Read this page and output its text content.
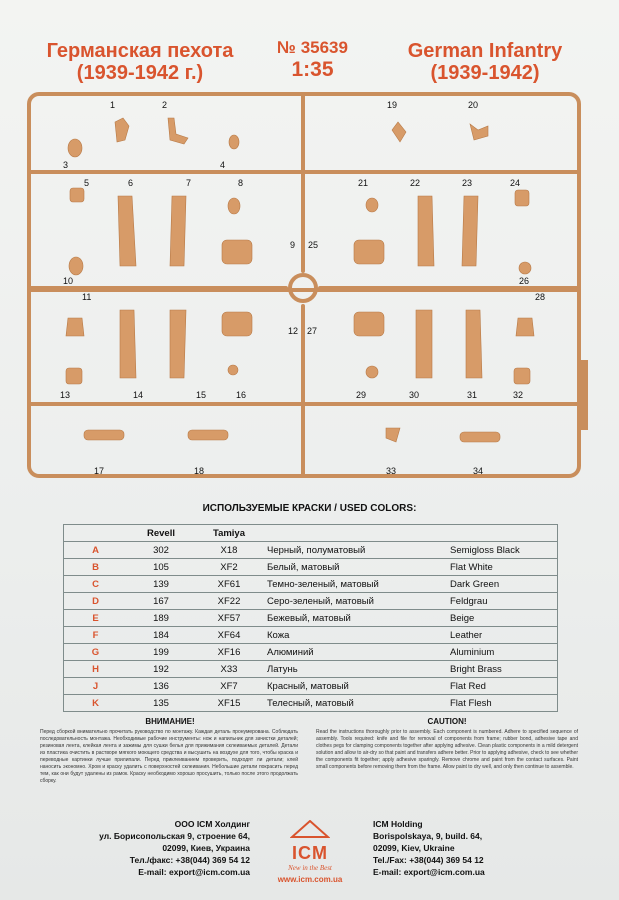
Германская пехота
(1939-1942 г.)
№ 35639
1:35
German Infantry
(1939-1942)
1	2
3	4
5	6	7	8
9
10
11
12
13	14	15	16
17	18
19	20
21	22	23	24
25
26
27
28
29	30	31	32
33	34
ИСПОЛЬЗУЕМЫЕ КРАСКИ / USED COLORS:
	Revell	Tamiya		
A	302	X18	Черный, полуматовый	Semigloss Black
B	105	XF2	Белый, матовый	Flat White
C	139	XF61	Темно-зеленый, матовый	Dark Green
D	167	XF22	Серо-зеленый, матовый	Feldgrau
E	189	XF57	Бежевый, матовый	Beige
F	184	XF64	Кожа	Leather
G	199	XF16	Алюминий	Aluminium
H	192	X33	Латунь	Bright Brass
J	136	XF7	Красный, матовый	Flat Red
K	135	XF15	Телесный, матовый	Flat Flesh
ВНИМАНИЕ!
Перед сборкой внимательно прочитать руководство по монтажу. Каждая деталь пронумерована. Соблюдать последовательность монтажа. Необходимые рабочие инструменты: нож и напильник для зачистки деталей; резиновая лента, клейкая лента и зажимы для сушки белья для прижимания склеиваемых деталей. Детали из пластика очистить в растворе мягкого моющего средства и высушить на воздухе для того, чтобы краска и переводные картинки лучше прилипали. Перед приклеиванием проверить, подходят ли детали; клей наносить экономно. Хром и краску удалить с поверхностей склеивания. Небольшие детали покрасить перед тем, как они будут удалены из рамок. Краску необходимо хорошо просушить, только после этого продолжать сборку.
CAUTION!
Read the instructions thoroughly prior to assembly. Each component is numbered. Adhere to specified sequence of assembly. Tools required: knife and file for removal of components from frame; rubber bond, adhesive tape and clothes pegs for clamping components together after applying adhesive. Clean plastic components in a mild detergent solution and allow to air-dry so that paint and transfers adhere better. Prior to applying adhesive, check to see whether the components fit together; apply adhesive sparingly. Remove chrome and paint from the contact surfaces. Paint small components before removing them from the frame. Allow paint to dry well, and only then continue to assemble.
ООО ICM Холдинг
ул. Борисопольская 9, строение 64,
02099, Киев, Украина
Тел./факс: +38(044) 369 54 12
E-mail: export@icm.com.ua
ICM
New in the Best
www.icm.com.ua
ICM Holding
Borispolskaya, 9, build. 64,
02099, Kiev, Ukraine
Tel./Fax: +38(044) 369 54 12
E-mail: export@icm.com.ua
